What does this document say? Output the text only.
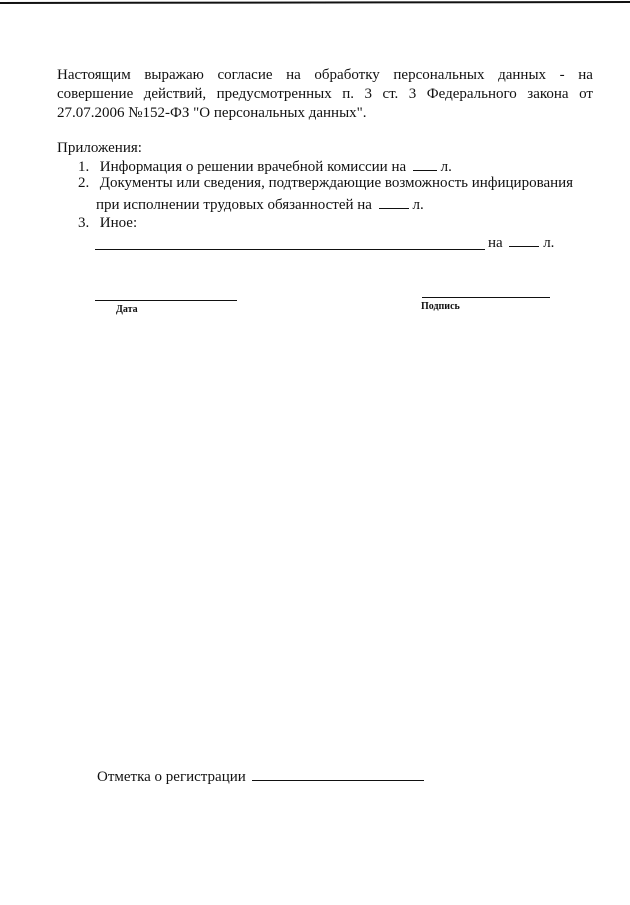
Настоящим выражаю согласие на обработку персональных данных - на
совершение действий, предусмотренных п. 3 ст. 3 Федерального закона от
27.07.2006 №152-ФЗ "О персональных данных".
Приложения:
1. Информация о решении врачебной комиссии на л.
2. Документы или сведения, подтверждающие возможность инфицирования
при исполнении трудовых обязанностей на	л.
3. Иное:
на	л.
Дата	Подпись
Отметка о регистрации
